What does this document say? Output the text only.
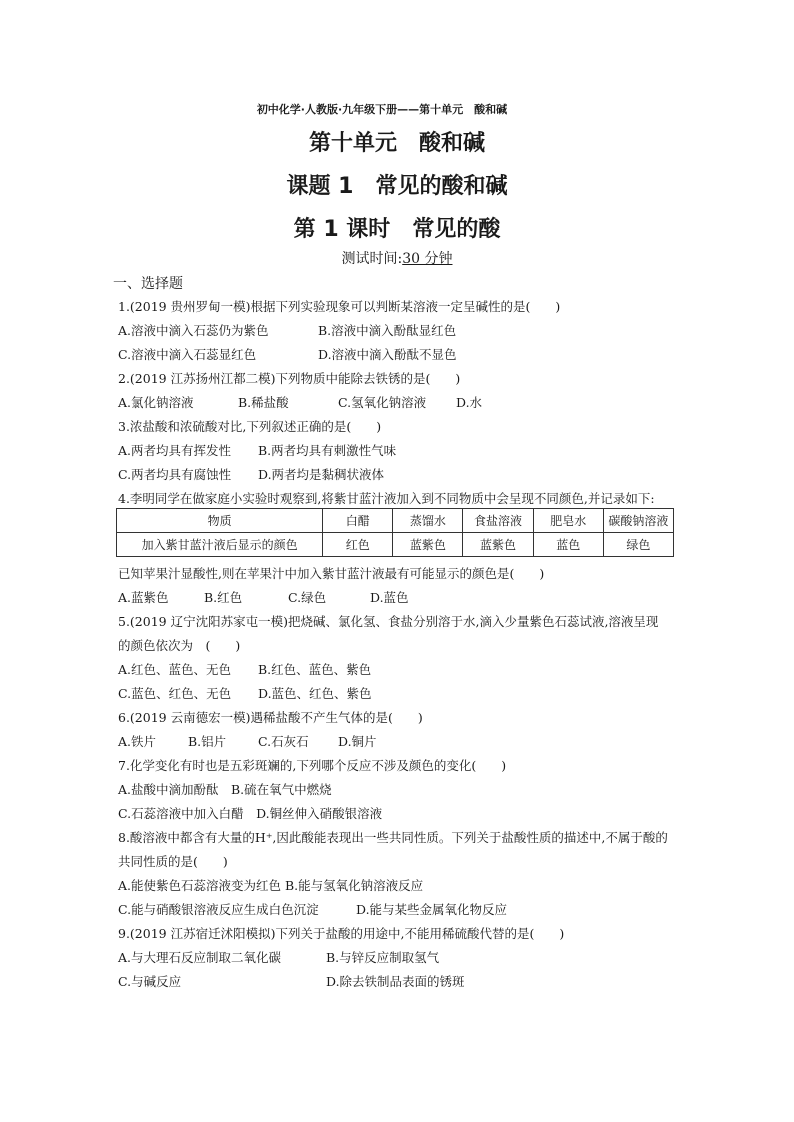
初中化学·人教版·九年级下册——第十单元　酸和碱
第十单元 酸和碱
课题 1 常见的酸和碱
第 1 课时 常见的酸
测试时间:30 分钟
一、选择题
1.(2019 贵州罗甸一模)根据下列实验现象可以判断某溶液一定呈碱性的是(　　)
A.溶液中滴入石蕊仍为紫色	B.溶液中滴入酚酞显红色
C.溶液中滴入石蕊显红色	D.溶液中滴入酚酞不显色
2.(2019 江苏扬州江都二模)下列物质中能除去铁锈的是(　　)
A.氯化钠溶液	B.稀盐酸	C.氢氧化钠溶液 D.水
3.浓盐酸和浓硫酸对比,下列叙述正确的是(　　)
A.两者均具有挥发性 B.两者均具有刺激性气味
C.两者均具有腐蚀性 D.两者均是黏稠状液体
4.李明同学在做家庭小实验时观察到,将紫甘蓝汁液加入到不同物质中会呈现不同颜色,并记录如下:
物质	白醋	蒸馏水	食盐溶液	肥皂水	碳酸钠溶液
加入紫甘蓝汁液后显示的颜色	红色	蓝紫色	蓝紫色	蓝色	绿色
已知苹果汁显酸性,则在苹果汁中加入紫甘蓝汁液最有可能显示的颜色是(　　)
A.蓝紫色	B.红色	C.绿色	D.蓝色
5.(2019 辽宁沈阳苏家屯一模)把烧碱、氯化氢、食盐分别溶于水,滴入少量紫色石蕊试液,溶液呈现
的颜色依次为　(　　)
A.红色、蓝色、无色 B.红色、蓝色、紫色
C.蓝色、红色、无色 D.蓝色、红色、紫色
6.(2019 云南德宏一模)遇稀盐酸不产生气体的是(　　)
A.铁片	B.铝片	C.石灰石 D.铜片
7.化学变化有时也是五彩斑斓的,下列哪个反应不涉及颜色的变化(　　)
A.盐酸中滴加酚酞　B.硫在氧气中燃烧
C.石蕊溶液中加入白醋　D.铜丝伸入硝酸银溶液
8.酸溶液中都含有大量的H⁺,因此酸能表现出一些共同性质。下列关于盐酸性质的描述中,不属于酸的
共同性质的是(　　)
A.能使紫色石蕊溶液变为红色 B.能与氢氧化钠溶液反应
C.能与硝酸银溶液反应生成白色沉淀	D.能与某些金属氧化物反应
9.(2019 江苏宿迁沭阳模拟)下列关于盐酸的用途中,不能用稀硫酸代替的是(　　)
A.与大理石反应制取二氧化碳	B.与锌反应制取氢气
C.与碱反应	D.除去铁制品表面的锈斑
